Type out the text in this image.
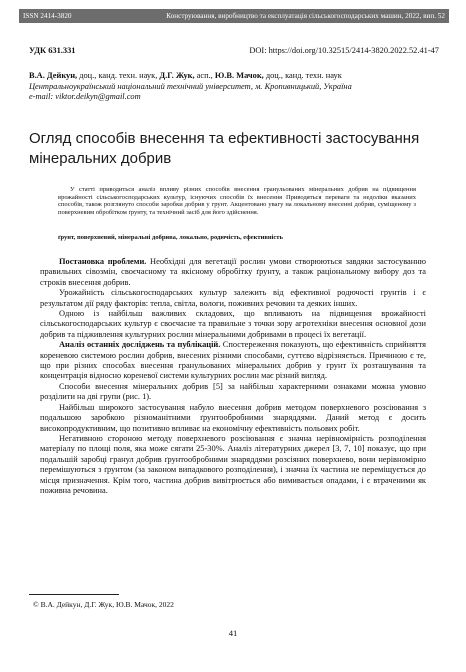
ISSN 2414-3820	Конструювання, виробництво та експлуатація сільськогосподарських машин, 2022, вип. 52
УДК 631.331	DOI: https://doi.org/10.32515/2414-3820.2022.52.41-47
В.А. Дейкун, доц., канд. техн. наук, Д.Г. Жук, асп., Ю.В. Мачок, доц., канд. техн. наук
Центральноукраїнський національний технічний університет, м. Кропивницький, Україна
e-mail: viktor.deikyn@gmail.com
Огляд способів внесення та ефективності застосування мінеральних добрив

У статті приводиться аналіз впливу різних способів внесення гранульованих мінеральних добрив на підвищення врожайності сільськогосподарських культур, існуючих способів їх внесення Приводяться переваги та недоліки вказаних способів, також розглянуто способи заробки добрив у грунт. Акцентовано увагу на локальному внесенні добрив, суміщеному з поверхневим обробітком ґрунту, та технічний засіб для його здійснення.

ґрунт, поверхневий, мінеральні добрива, локально, родючість, ефективність

Постановка проблеми. Необхідні для вегетації рослин умови створюються завдяки застосуванню правильних сівозмін, своєчасному та якісному обробітку ґрунту, а також раціональному вибору доз та строків внесення добрив.

Урожайність сільськогосподарських культур залежить від ефективної родючості грунтів і є результатом дії ряду факторів: тепла, світла, вологи, поживних речовин та деяких інших.

Одною із найбільш важливих складових, що впливають на підвищення врожайності сільськогосподарських культур є своєчасне та правильне з точки зору агротехніки внесення основної дози добрив та підживлення культурних рослин мінеральними добривами в процесі їх вегетації.

Аналіз останніх досліджень та публікацій. Спостереження показують, що ефективність сприйняття кореневою системою рослин добрив, внесених різними способами, суттєво відрізняється. Причиною є те, що при різних способах внесення гранульованих мінеральних добрив у грунт їх розташування та концентрація відносно кореневої системи культурних рослин має різний вигляд.

Способи внесення мінеральних добрив [5] за найбільш характерними ознаками можна умовно розділити на дві групи (рис. 1).

Найбільш широкого застосування набуло внесення добрив методом поверхневого розсіювання з подальшою заробкою різноманітними ґрунтообробними знаряддями. Даний метод є досить високопродуктивним, що позитивно впливає на економічну ефективність польових робіт.

Негативною стороною методу поверхневого розсіювання є значна нерівномірність розподілення матеріалу по площі поля, яка може сягати 25-30%. Аналіз літературних джерел [3, 7, 10] показує, що при подальшій заробці гранул добрив ґрунтообробними знаряддями розсіяних поверхнево, вони нерівномірно перемішуються з ґрунтом (за законом випадкового розподілення), і значна їх частина не переміщується до місця призначення. Крім того, частина добрив вивітрюється або вимивається опадами, і є втраченими як поживна речовина.

© В.А. Дейкун, Д.Г. Жук, Ю.В. Мачок, 2022
41
